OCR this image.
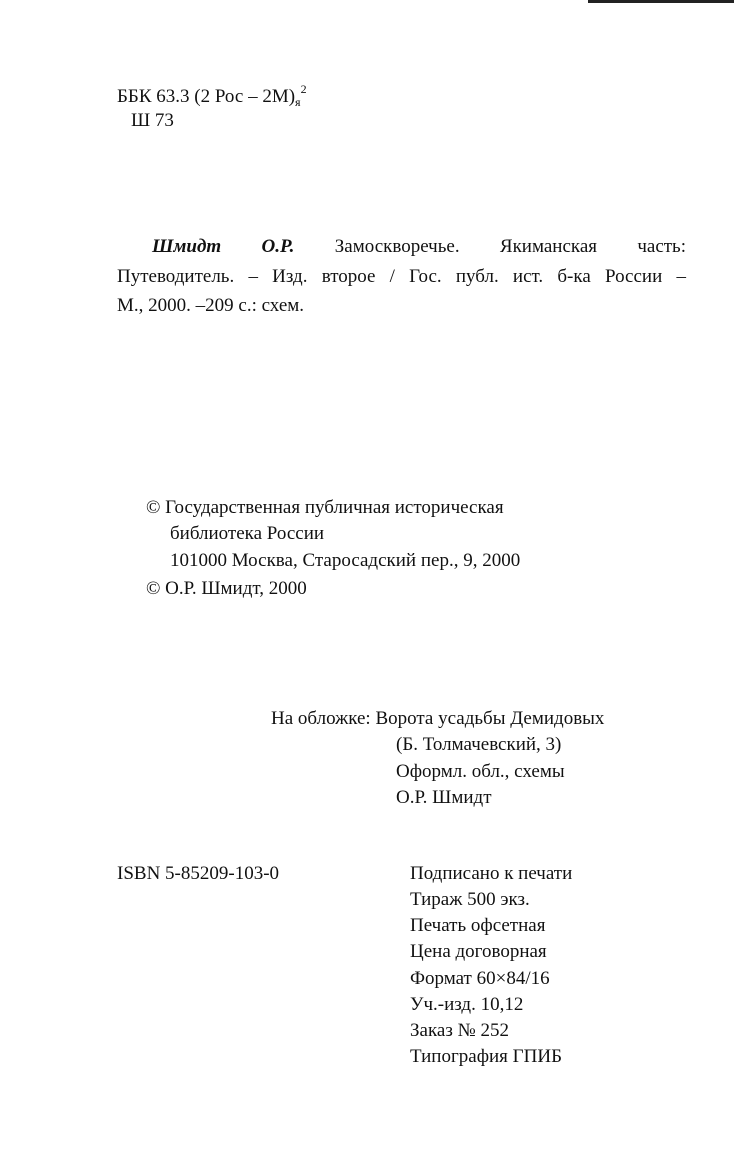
ББК 63.3 (2 Рос – $2М)_я^2$
Ш 73
Шмидт О.Р. Замоскворечье. Якиманская часть:
Путеводитель. – Изд. второе / Гос. публ. ист. б-ка России –
М., 2000. –209 с.: схем.
© Государственная публичная историческая
библиотека России
101000 Москва, Старосадский пер., 9, 2000
© О.Р. Шмидт, 2000
На обложке: Ворота усадьбы Демидовых
(Б. Толмачевский, 3)
Оформл. обл., схемы
О.Р. Шмидт
ISBN 5-85209-103-0	Подписано к печати
Тираж 500 экз.
Печать офсетная
Цена договорная
Формат 60×84/16
Уч.-изд. 10,12
Заказ № 252
Типография ГПИБ
